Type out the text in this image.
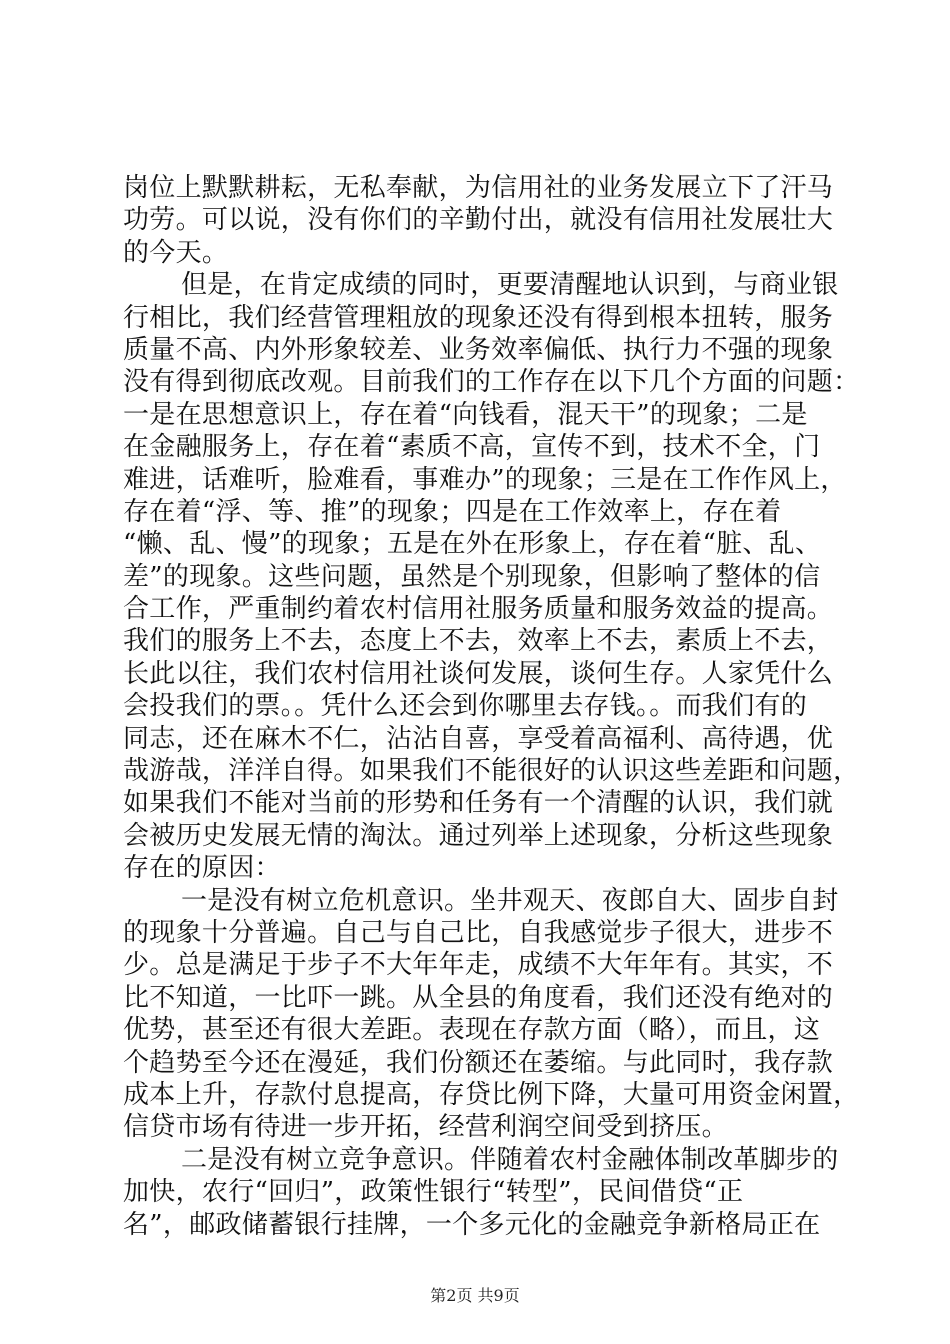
岗位上默默耕耘，无私奉献，为信用社的业务发展立下了汗马
功劳。可以说，没有你们的辛勤付出，就没有信用社发展壮大
的今天。
但是，在肯定成绩的同时，更要清醒地认识到，与商业银
行相比，我们经营管理粗放的现象还没有得到根本扭转，服务
质量不高、内外形象较差、业务效率偏低、执行力不强的现象
没有得到彻底改观。目前我们的工作存在以下几个方面的问题：
一是在思想意识上，存在着“向钱看，混天干”的现象；二是
在金融服务上，存在着“素质不高，宣传不到，技术不全，门
难进，话难听，脸难看，事难办”的现象；三是在工作作风上，
存在着“浮、等、推”的现象；四是在工作效率上，存在着
“懒、乱、慢”的现象；五是在外在形象上，存在着“脏、乱、
差”的现象。这些问题，虽然是个别现象，但影响了整体的信
合工作，严重制约着农村信用社服务质量和服务效益的提高。
我们的服务上不去，态度上不去，效率上不去，素质上不去，
长此以往，我们农村信用社谈何发展，谈何生存。人家凭什么
会投我们的票。。凭什么还会到你哪里去存钱。。而我们有的
同志，还在麻木不仁，沾沾自喜，享受着高福利、高待遇，优
哉游哉，洋洋自得。如果我们不能很好的认识这些差距和问题，
如果我们不能对当前的形势和任务有一个清醒的认识，我们就
会被历史发展无情的淘汰。通过列举上述现象，分析这些现象
存在的原因：
一是没有树立危机意识。坐井观天、夜郎自大、固步自封
的现象十分普遍。自己与自己比，自我感觉步子很大，进步不
少。总是满足于步子不大年年走，成绩不大年年有。其实，不
比不知道，一比吓一跳。从全县的角度看，我们还没有绝对的
优势，甚至还有很大差距。表现在存款方面（略），而且，这
个趋势至今还在漫延，我们份额还在萎缩。与此同时，我存款
成本上升，存款付息提高，存贷比例下降，大量可用资金闲置，
信贷市场有待进一步开拓，经营利润空间受到挤压。
二是没有树立竞争意识。伴随着农村金融体制改革脚步的
加快，农行“回归”，政策性银行“转型”，民间借贷“正
名”，邮政储蓄银行挂牌，一个多元化的金融竞争新格局正在
第2页 共9页
